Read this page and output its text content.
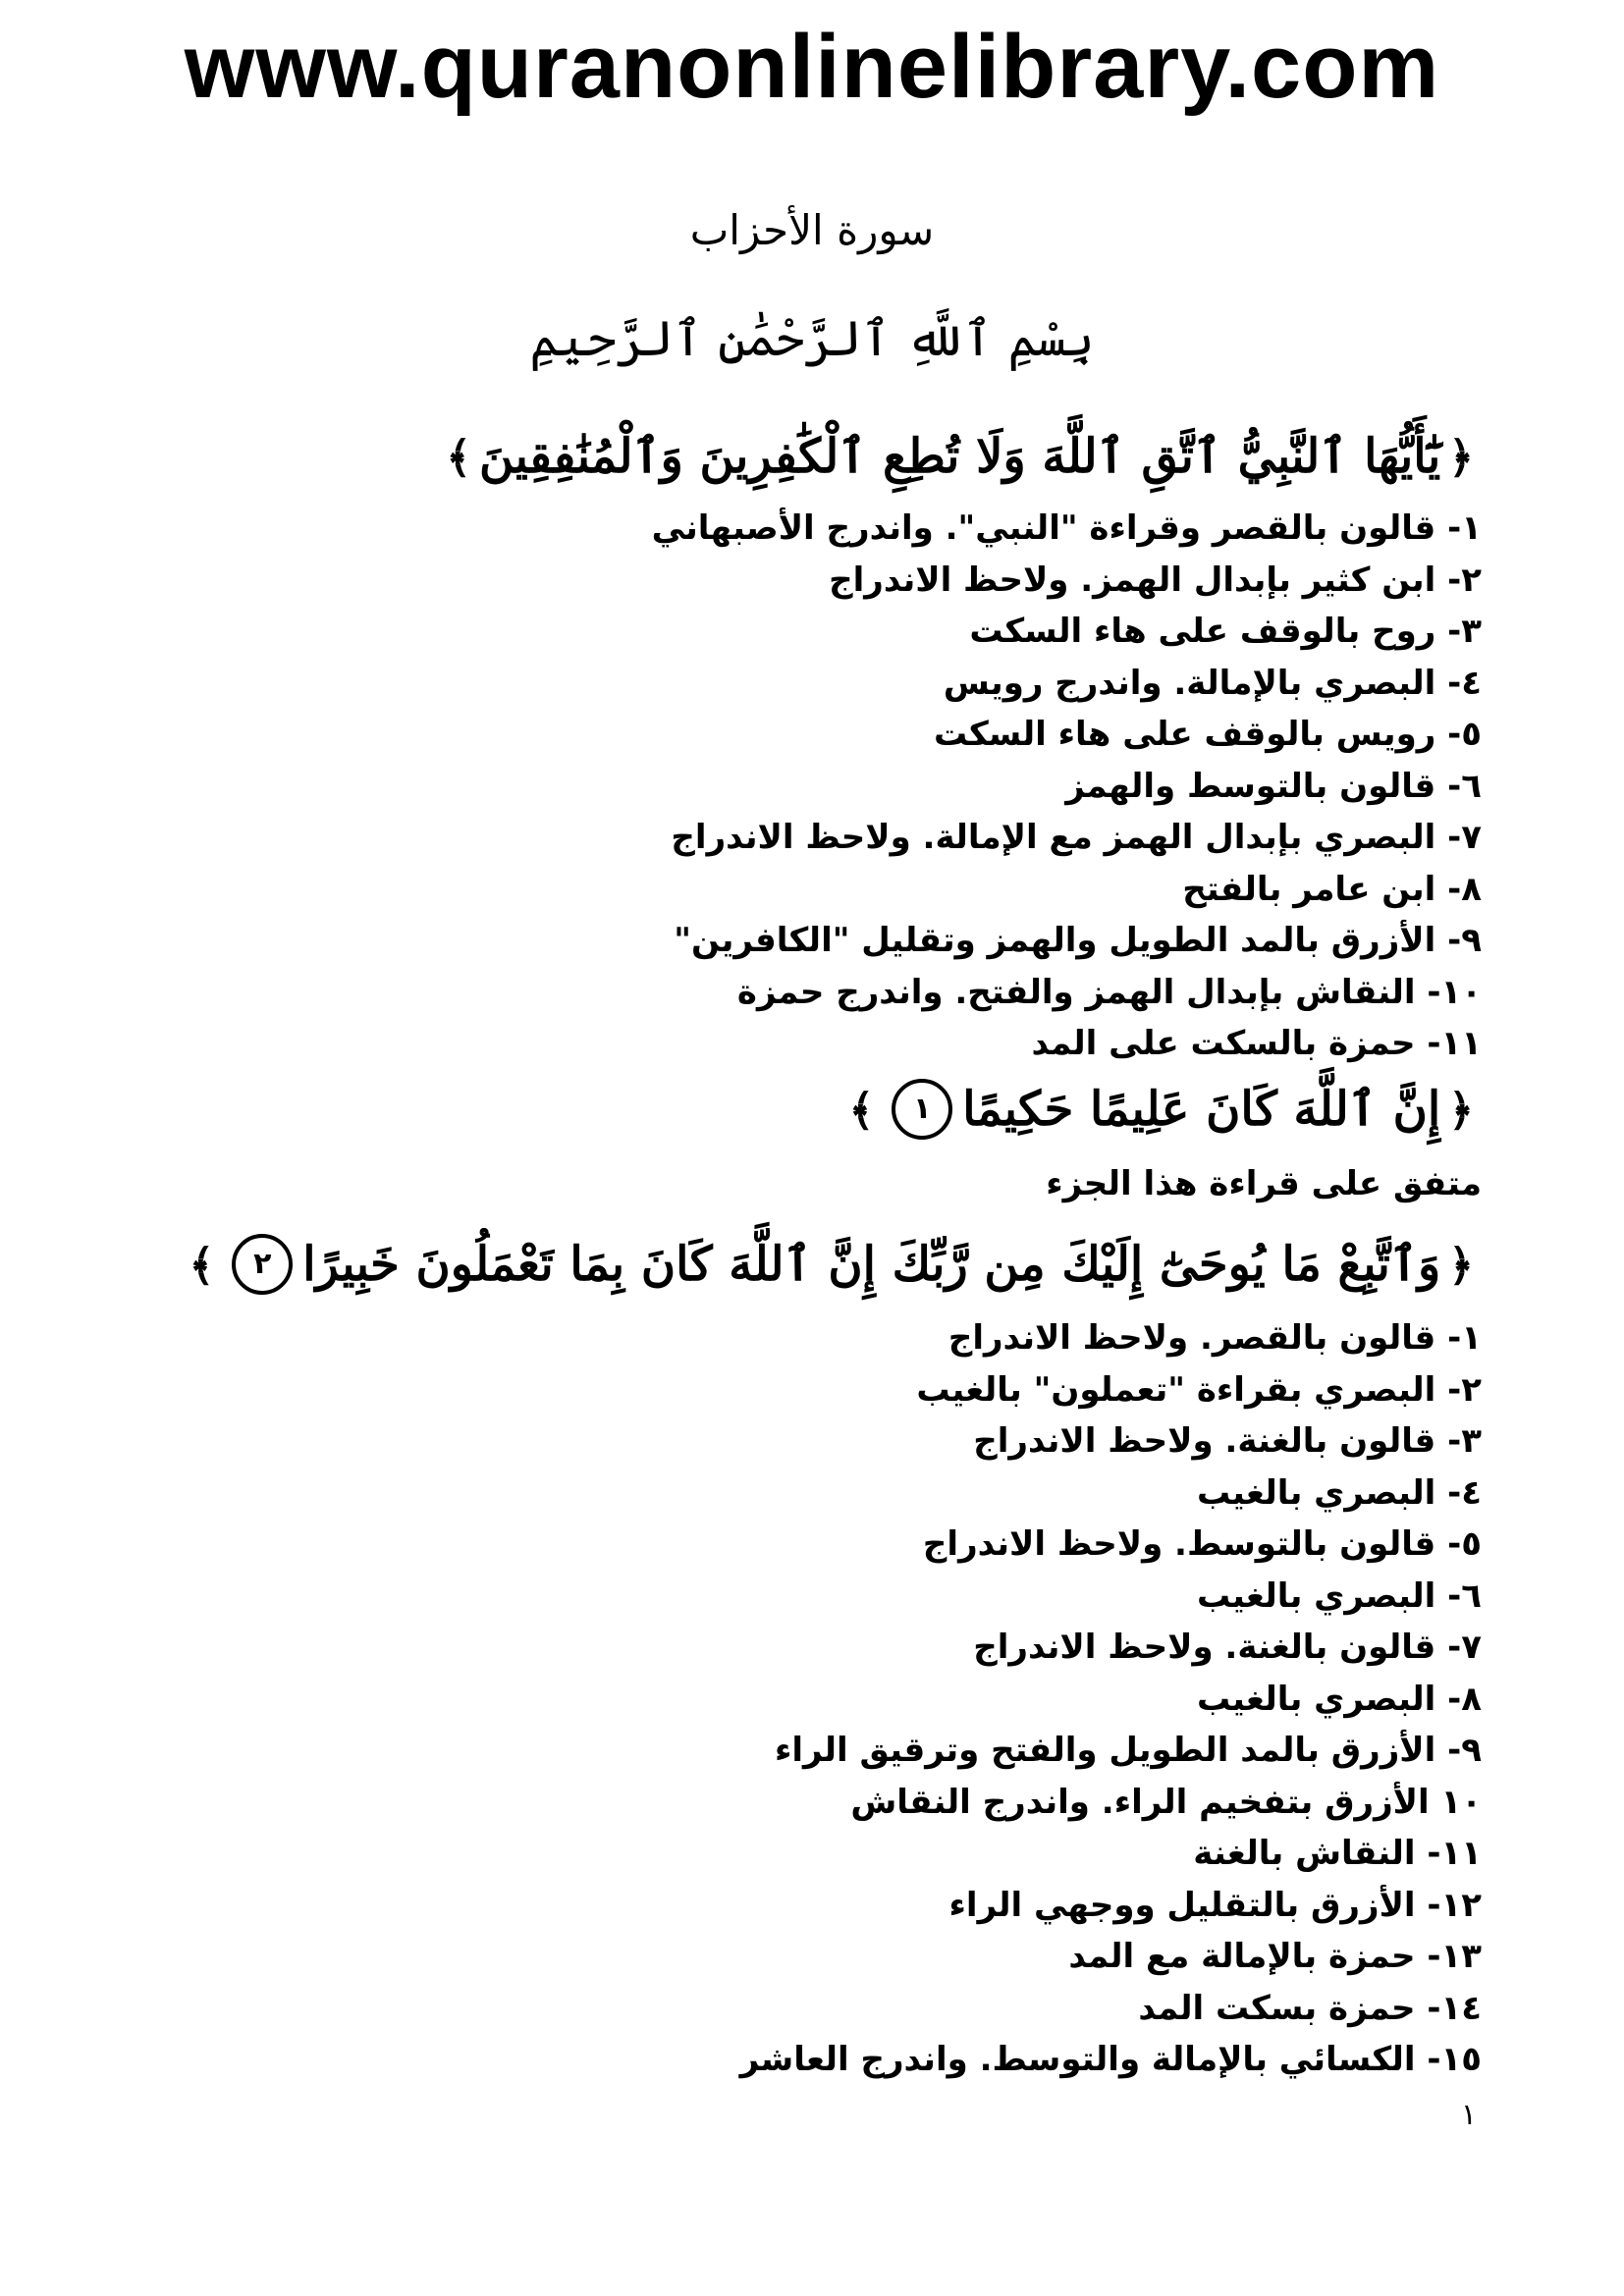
www.quranonlinelibrary.com
سورة الأحزاب
بِسْمِ ٱللَّهِ ٱلرَّحْمَٰنِ ٱلرَّحِيمِ
﴿يَٰٓأَيُّهَا ٱلنَّبِيُّ ٱتَّقِ ٱللَّهَ وَلَا تُطِعِ ٱلْكَٰفِرِينَ وَٱلْمُنَٰفِقِينَ﴾
١- قالون بالقصر وقراءة "النبي". واندرج الأصبهاني
٢- ابن كثير بإبدال الهمز. ولاحظ الاندراج
٣- روح بالوقف على هاء السكت
٤- البصري بالإمالة. واندرج رويس
٥- رويس بالوقف على هاء السكت
٦- قالون بالتوسط والهمز
٧- البصري بإبدال الهمز مع الإمالة. ولاحظ الاندراج
٨- ابن عامر بالفتح
٩- الأزرق بالمد الطويل والهمز وتقليل "الكافرين"
١٠- النقاش بإبدال الهمز والفتح. واندرج حمزة
١١- حمزة بالسكت على المد
﴿إِنَّ ٱللَّهَ كَانَ عَلِيمًا حَكِيمًا١﴾
متفق على قراءة هذا الجزء
﴿وَٱتَّبِعْ مَا يُوحَىٰٓ إِلَيْكَ مِن رَّبِّكَ إِنَّ ٱللَّهَ كَانَ بِمَا تَعْمَلُونَ خَبِيرًا٢﴾
١- قالون بالقصر. ولاحظ الاندراج
٢- البصري بقراءة "تعملون" بالغيب
٣- قالون بالغنة. ولاحظ الاندراج
٤- البصري بالغيب
٥- قالون بالتوسط. ولاحظ الاندراج
٦- البصري بالغيب
٧- قالون بالغنة. ولاحظ الاندراج
٨- البصري بالغيب
٩- الأزرق بالمد الطويل والفتح وترقيق الراء
١٠ الأزرق بتفخيم الراء. واندرج النقاش
١١- النقاش بالغنة
١٢- الأزرق بالتقليل ووجهي الراء
١٣- حمزة بالإمالة مع المد
١٤- حمزة بسكت المد
١٥- الكسائي بالإمالة والتوسط. واندرج العاشر
١
